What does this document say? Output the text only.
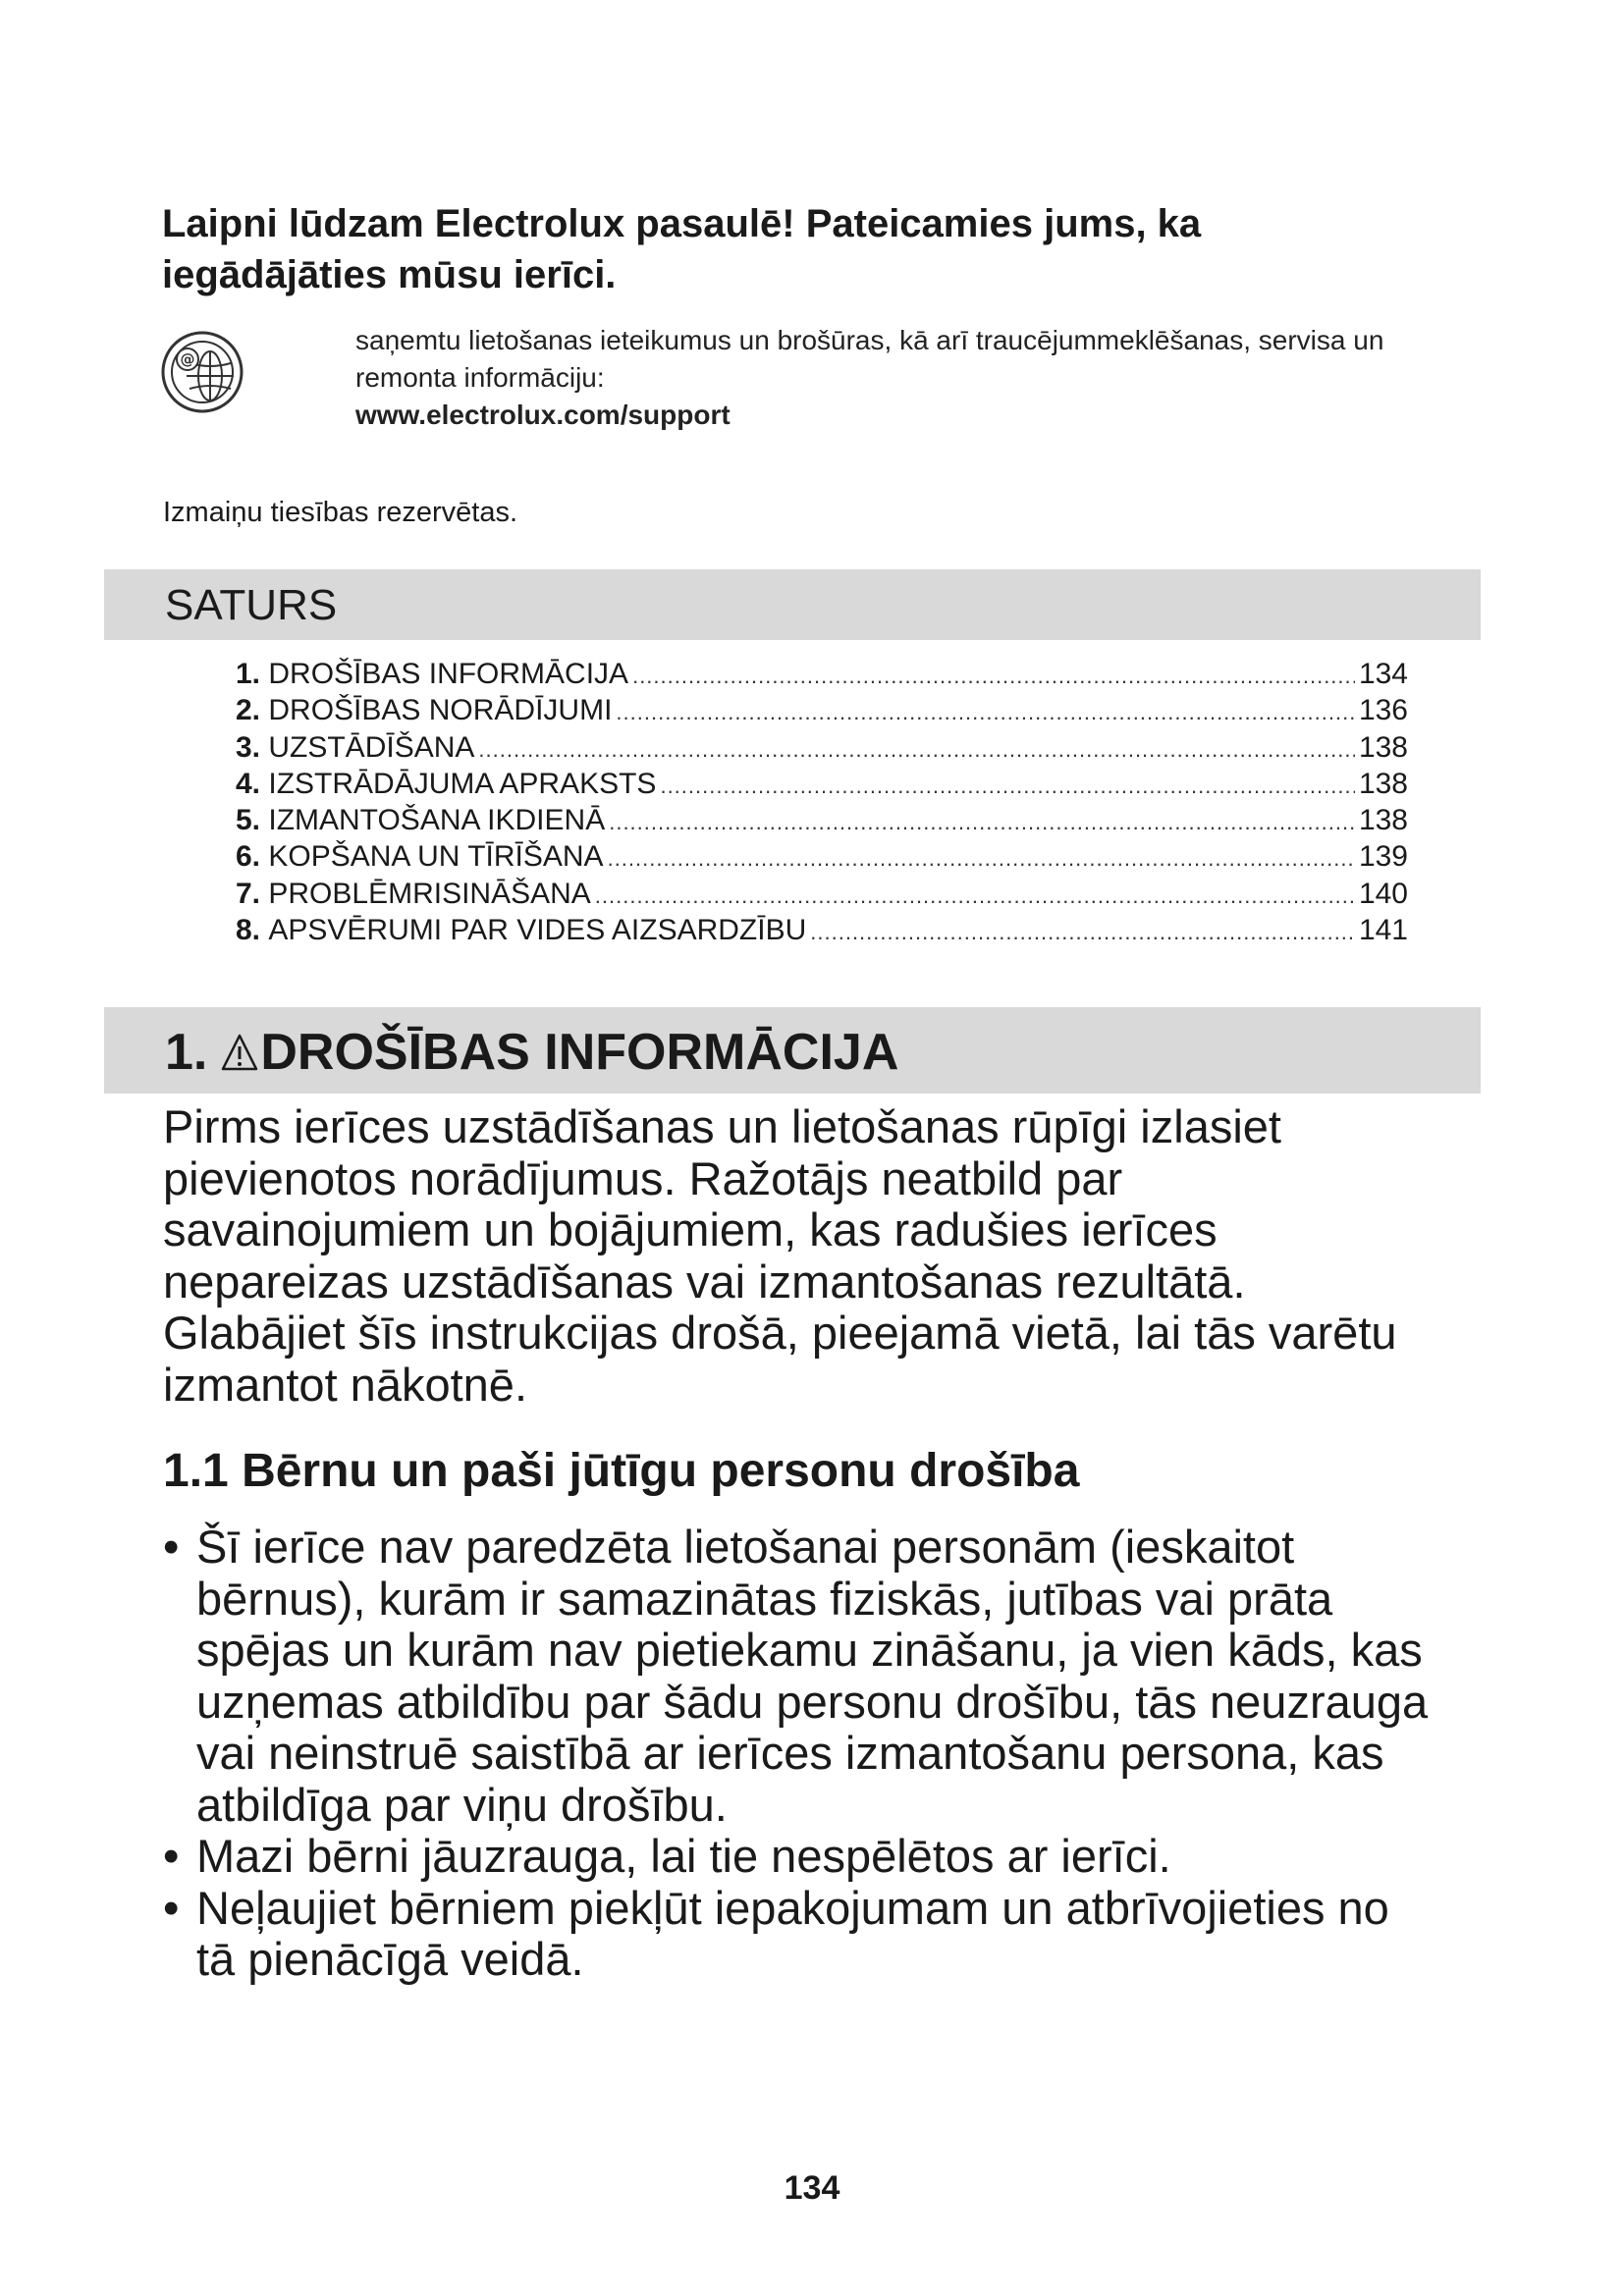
Laipni lūdzam Electrolux pasaulē! Pateicamies jums, ka
iegādājāties mūsu ierīci.
@
saņemtu lietošanas ieteikumus un brošūras, kā arī traucējummeklēšanas, servisa un
remonta informāciju:
www.electrolux.com/support
Izmaiņu tiesības rezervētas.
SATURS
1. DROŠĪBAS INFORMĀCIJA .....	134
2. DROŠĪBAS NORĀDĪJUMI .....	136
3. UZSTĀDĪŠANA .....	138
4. IZSTRĀDĀJUMA APRAKSTS .....	138
5. IZMANTOŠANA IKDIENĀ .....	138
6. KOPŠANA UN TĪRĪŠANA .....	139
7. PROBLĒMRISINĀŠANA .....	140
8. APSVĒRUMI PAR VIDES AIZSARDZĪBU .....	141
1. DROŠĪBAS INFORMĀCIJA

Pirms ierīces uzstādīšanas un lietošanas rūpīgi izlasiet
pievienotos norādījumus. Ražotājs neatbild par
savainojumiem un bojājumiem, kas radušies ierīces
nepareizas uzstādīšanas vai izmantošanas rezultātā.
Glabājiet šīs instrukcijas drošā, pieejamā vietā, lai tās varētu
izmantot nākotnē.

1.1 Bērnu un paši jūtīgu personu drošība
• Šī ierīce nav paredzēta lietošanai personām (ieskaitot
bērnus), kurām ir samazinātas fiziskās, jutības vai prāta
spējas un kurām nav pietiekamu zināšanu, ja vien kāds, kas
uzņemas atbildību par šādu personu drošību, tās neuzrauga
vai neinstruē saistībā ar ierīces izmantošanu persona, kas
atbildīga par viņu drošību.
• Mazi bērni jāuzrauga, lai tie nespēlētos ar ierīci.
• Neļaujiet bērniem piekļūt iepakojumam un atbrīvojieties no
tā pienācīgā veidā.
134
